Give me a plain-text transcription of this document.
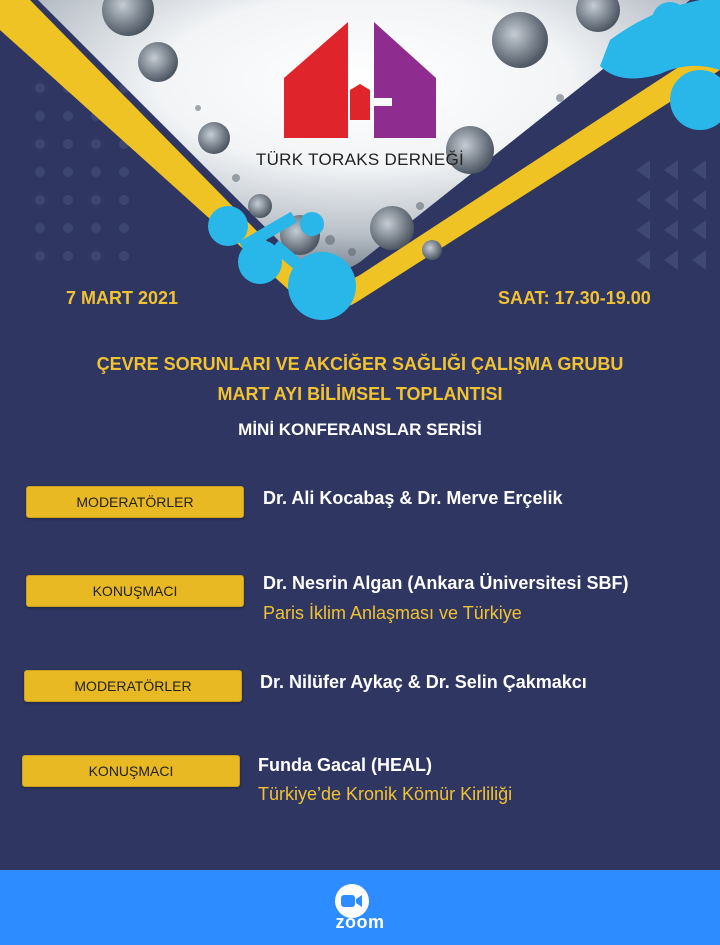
TÜRK TORAKS DERNEĞİ
7 MART 2021	SAAT: 17.30-19.00
ÇEVRE SORUNLARI VE AKCİĞER SAĞLIĞI ÇALIŞMA GRUBU
MART AYI BİLİMSEL TOPLANTISI
MİNİ KONFERANSLAR SERİSİ
MODERATÖRLER	Dr. Ali Kocabaş & Dr. Merve Erçelik
KONUŞMACI	Dr. Nesrin Algan (Ankara Üniversitesi SBF)
Paris İklim Anlaşması ve Türkiye
MODERATÖRLER	Dr. Nilüfer Aykaç & Dr. Selin Çakmakcı
KONUŞMACI	Funda Gacal (HEAL)
Türkiye’de Kronik Kömür Kirliliği
zoom
